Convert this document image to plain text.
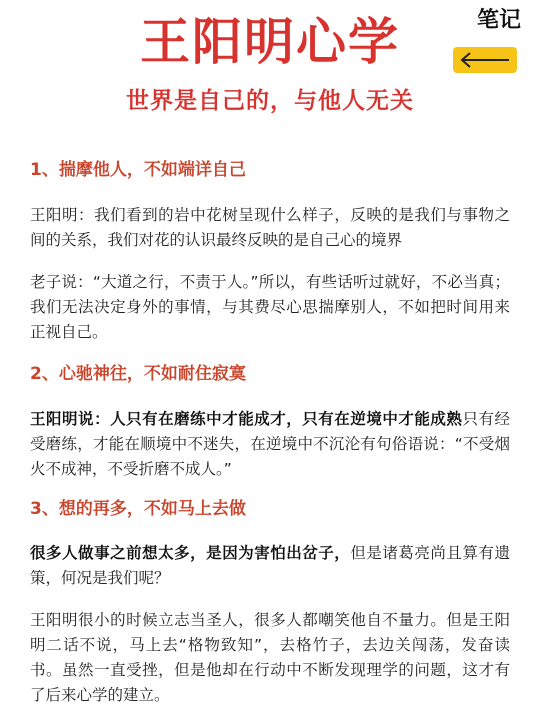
王阳明心学
世界是自己的，与他人无关
笔记
1、揣摩他人，不如端详自己
王阳明：我们看到的岩中花树呈现什么样子，反映的是我们与事物之间的关系，我们对花的认识最终反映的是自己心的境界
老子说：“大道之行，不责于人。”所以，有些话听过就好，不必当真；我们无法决定身外的事情，与其费尽心思揣摩别人，不如把时间用来正视自己。
2、心驰神往，不如耐住寂寞
王阳明说：人只有在磨练中才能成才，只有在逆境中才能成熟只有经受磨练，才能在顺境中不迷失，在逆境中不沉沦有句俗语说：“不受烟火不成神，不受折磨不成人。”
3、想的再多，不如马上去做
很多人做事之前想太多，是因为害怕出岔子，但是诸葛亮尚且算有遗策，何况是我们呢？
王阳明很小的时候立志当圣人，很多人都嘲笑他自不量力。但是王阳明二话不说，马上去“格物致知”，去格竹子，去边关闯荡，发奋读书。虽然一直受挫，但是他却在行动中不断发现理学的问题，这才有了后来心学的建立。
